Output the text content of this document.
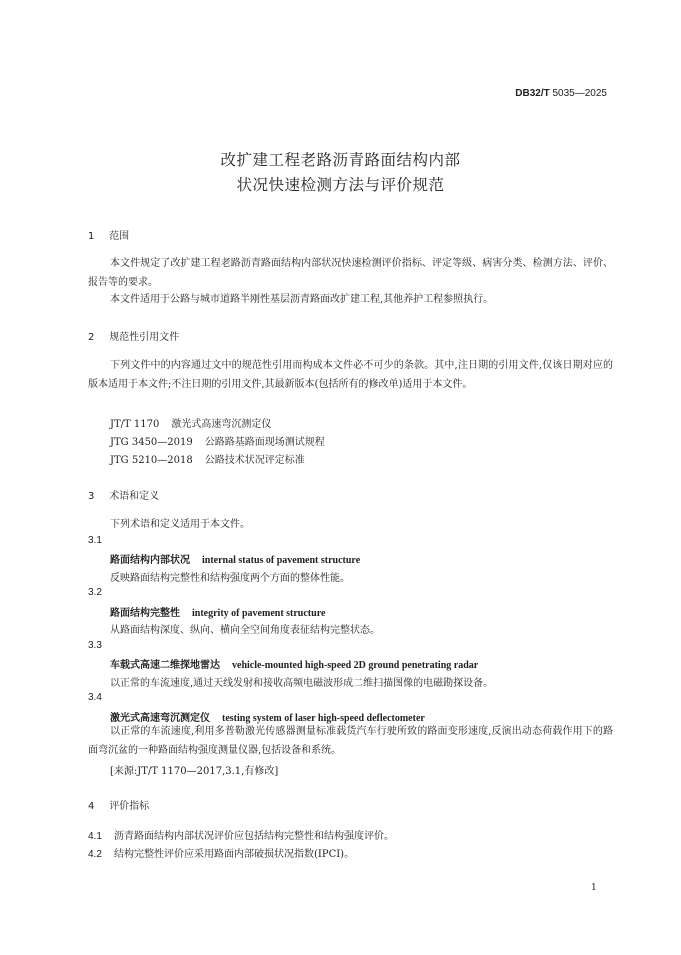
DB32/T 5035—2025
改扩建工程老路沥青路面结构内部
状况快速检测方法与评价规范
1 范围
本文件规定了改扩建工程老路沥青路面结构内部状况快速检测评价指标、评定等级、病害分类、检测方法、评价、报告等的要求。
本文件适用于公路与城市道路半刚性基层沥青路面改扩建工程,其他养护工程参照执行。
2 规范性引用文件
下列文件中的内容通过文中的规范性引用而构成本文件必不可少的条款。其中,注日期的引用文件,仅该日期对应的版本适用于本文件;不注日期的引用文件,其最新版本(包括所有的修改单)适用于本文件。
JT/T 1170 激光式高速弯沉测定仪
JTG 3450—2019 公路路基路面现场测试规程
JTG 5210—2018 公路技术状况评定标准
3 术语和定义
下列术语和定义适用于本文件。
3.1
路面结构内部状况 internal status of pavement structure
反映路面结构完整性和结构强度两个方面的整体性能。
3.2
路面结构完整性 integrity of pavement structure
从路面结构深度、纵向、横向全空间角度表征结构完整状态。
3.3
车载式高速二维探地雷达 vehicle-mounted high-speed 2D ground penetrating radar
以正常的车流速度,通过天线发射和接收高频电磁波形成二维扫描图像的电磁勘探设备。
3.4
激光式高速弯沉测定仪 testing system of laser high-speed deflectometer
以正常的车流速度,利用多普勒激光传感器测量标准载货汽车行驶所致的路面变形速度,反演出动态荷载作用下的路面弯沉盆的一种路面结构强度测量仪器,包括设备和系统。
[来源:JT/T 1170—2017,3.1,有修改]
4 评价指标
4.1 沥青路面结构内部状况评价应包括结构完整性和结构强度评价。
4.2 结构完整性评价应采用路面内部破损状况指数(IPCI)。
1
